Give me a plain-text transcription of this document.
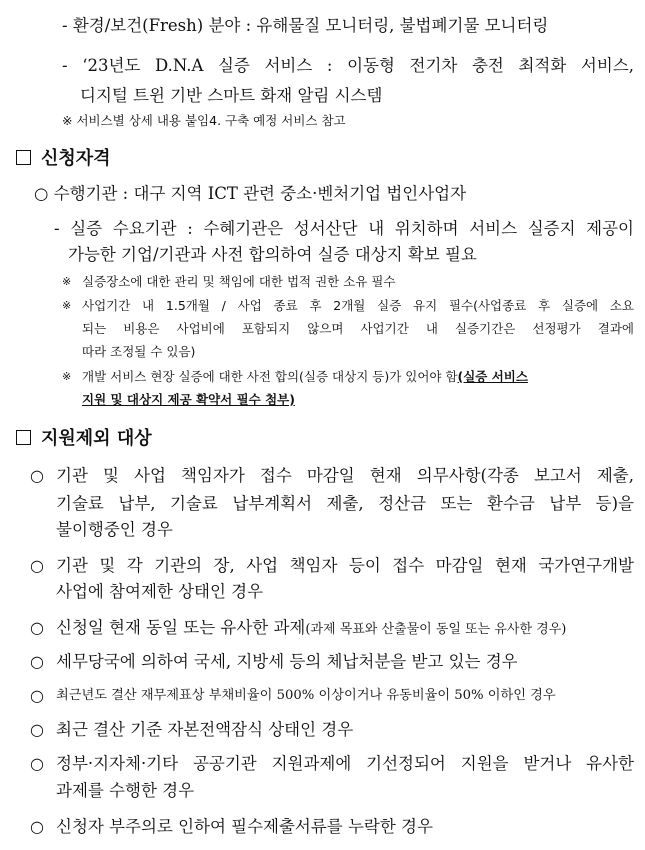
- 환경/보건(Fresh) 분야 : 유해물질 모니터링, 불법폐기물 모니터링
- ‘23년도 D.N.A 실증 서비스 : 이동형 전기차 충전 최적화 서비스,
디지털 트윈 기반 스마트 화재 알림 시스템
※ 서비스별 상세 내용 붙임4. 구축 예정 서비스 참고
신청자격
○ 수행기관 : 대구 지역 ICT 관련 중소·벤처기업 법인사업자
- 실증 수요기관 : 수혜기관은 성서산단 내 위치하며 서비스 실증지 제공이
가능한 기업/기관과 사전 합의하여 실증 대상지 확보 필요
※ 실증장소에 대한 관리 및 책임에 대한 법적 권한 소유 필수
※ 사업기간 내 1.5개월 / 사업 종료 후 2개월 실증 유지 필수(사업종료 후 실증에 소요
되는 비용은 사업비에 포함되지 않으며 사업기간 내 실증기간은 선정평가 결과에
따라 조정될 수 있음)
※ 개발 서비스 현장 실증에 대한 사전 합의(실증 대상지 등)가 있어야 함(실증 서비스
지원 및 대상지 제공 확약서 필수 첨부)
지원제외 대상
○ 기관 및 사업 책임자가 접수 마감일 현재 의무사항(각종 보고서 제출,
기술료 납부, 기술료 납부계획서 제출, 정산금 또는 환수금 납부 등)을
불이행중인 경우
○ 기관 및 각 기관의 장, 사업 책임자 등이 접수 마감일 현재 국가연구개발
사업에 참여제한 상태인 경우
○ 신청일 현재 동일 또는 유사한 과제(과제 목표와 산출물이 동일 또는 유사한 경우)
○ 세무당국에 의하여 국세, 지방세 등의 체납처분을 받고 있는 경우
○ 최근년도 결산 재무제표상 부채비율이 500% 이상이거나 유동비율이 50% 이하인 경우
○ 최근 결산 기준 자본전액잠식 상태인 경우
○ 정부·지자체·기타 공공기관 지원과제에 기선정되어 지원을 받거나 유사한
과제를 수행한 경우
○ 신청자 부주의로 인하여 필수제출서류를 누락한 경우
